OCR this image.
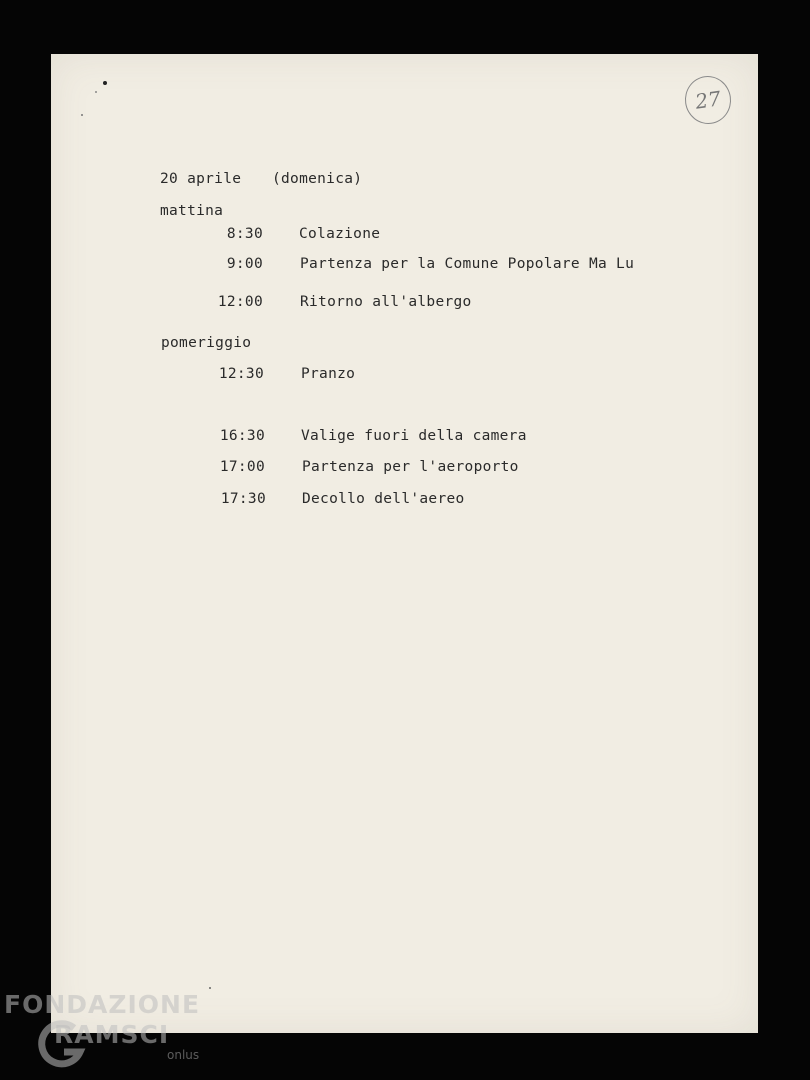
27
20 aprile (domenica)
mattina
8:30 Colazione
9:00	Partenza per la Comune Popolare Ma Lu
12:00	Ritorno all'albergo
pomeriggio
12:30	Pranzo
16:30 Valige fuori della camera
17:00	Partenza per l'aeroporto
17:30 Decollo dell'aereo
FONDAZIONE
RAMSCI
onlus
